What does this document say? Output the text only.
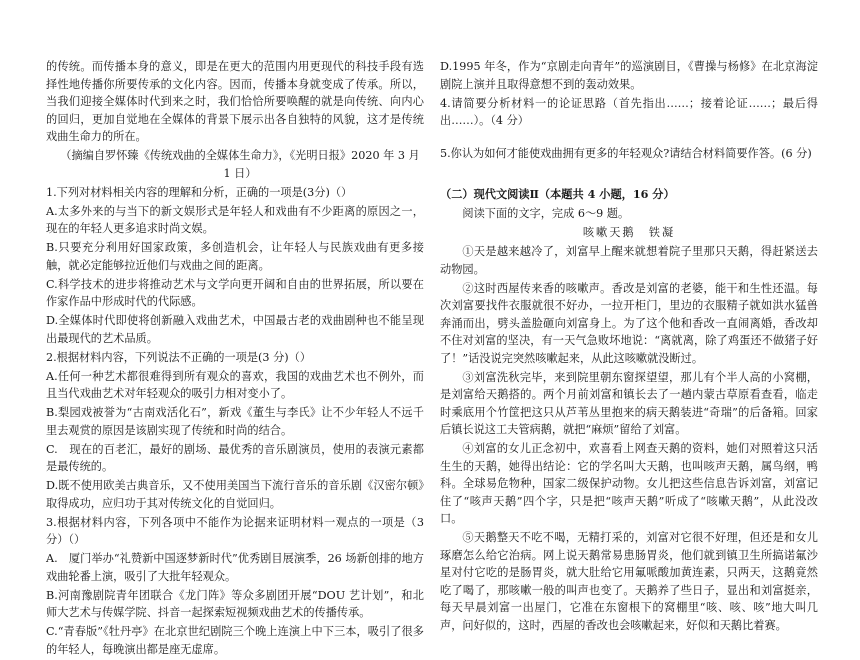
的传统。而传播本身的意义，即是在更大的范围内用更现代的科技手段有选择性地传播你所要传承的文化内容。因而，传播本身就变成了传承。所以，当我们迎接全媒体时代到来之时，我们恰恰所要唤醒的就是向传统、向内心的回归，更加自觉地在全媒体的背景下展示出各自独特的风貌，这才是传统戏曲生命力的所在。

（摘编自罗怀臻《传统戏曲的全媒体生命力》，《光明日报》2020 年 3 月 1 日）

1.下列对材料相关内容的理解和分析，正确的一项是(3分)（）

A.太多外来的与当下的新文娱形式是年轻人和戏曲有不少距离的原因之一，现在的年轻人更多追求时尚文娱。

B.只要充分利用好国家政策，多创造机会，让年轻人与民族戏曲有更多接触，就必定能够拉近他们与戏曲之间的距离。

C.科学技术的进步将推动艺术与文学向更开阔和自由的世界拓展，所以要在作家作品中形成时代的代际感。

D.全媒体时代即使将创新融入戏曲艺术，中国最古老的戏曲剧种也不能呈现出最现代的艺术品质。

2.根据材料内容，下列说法不正确的一项是(3 分)（）

A.任何一种艺术都很难得到所有观众的喜欢，我国的戏曲艺术也不例外，而且当代戏曲艺术对年轻观众的吸引力相对变小了。

B.梨园戏被誉为“古南戏活化石”，新戏《董生与李氏》让不少年轻人不远千里去观赏的原因是该剧实现了传统和时尚的结合。

C.　现在的百老汇，最好的剧场、最优秀的音乐剧演员，使用的表演元素都是最传统的。

D.既不使用欧美古典音乐，又不使用美国当下流行音乐的音乐剧《汉密尔顿》取得成功，应归功于其对传统文化的自觉回归。

3.根据材料内容，下列各项中不能作为论据来证明材料一观点的一项是（3 分）（）

A.　厦门举办“礼赞新中国逐梦新时代”优秀剧目展演季，26 场新创排的地方戏曲轮番上演，吸引了大批年轻观众。

B.河南豫剧院青年团联合《龙门阵》等众多剧团开展“DOU 艺计划”，和北师大艺术与传媒学院、抖音一起探索短视频戏曲艺术的传播传承。

C.“青春版”《牡丹亭》在北京世纪剧院三个晚上连演上中下三本，吸引了很多的年轻人，每晚演出都是座无虚席。

D.1995 年冬，作为“京剧走向青年”的巡演剧目，《曹操与杨修》在北京海淀剧院上演并且取得意想不到的轰动效果。

4.请简要分析材料一的论证思路（首先指出……；接着论证……；最后得出……）。（4 分）

5.你认为如何才能使戏曲拥有更多的年轻观众?请结合材料简要作答。(6 分)

（二）现代文阅读Ⅱ（本题共 4 小题，16 分）

阅读下面的文字，完成 6～9 题。

咳嗽天鹅　铁凝

①天是越来越冷了，刘富早上醒来就想着院子里那只天鹅，得赶紧送去动物园。

②这时西屋传来香的咳嗽声。香改是刘富的老婆，能干和生性还温。每次刘富要找件衣服就很不好办，一拉开柜门，里边的衣服精子就如洪水猛兽奔涌而出，劈头盖脸砸向刘富身上。为了这个他和香改一直闹离婚，香改却不住对刘富的坚决，有一天气急败坏地说：“离就离，除了鸡蛋还不做猪子好了！”话没说完突然咳嗽起来，从此这咳嗽就没断过。

③刘富洗秋完毕，来到院里朝东窗探望望，那儿有个半人高的小窝棚，是刘富给天鹅搭的。两个月前刘富和镇长去了一趟内蒙古草原看查看，临走时乘底用个竹筐把这只从芦苇丛里抱来的病天鹅装进“奇瑞”的后备箱。回家后镇长说这工夫管病鹅，就把“麻烦”留给了刘富。

④刘富的女儿正念初中，欢喜看上网查天鹅的资料，她们对照着这只活生生的天鹅，她得出结论：它的学名叫大天鹅，也叫咳声天鹅，属鸟纲，鸭科。全球易危物种，国家二级保护动物。女儿把这些信息告诉刘富，刘富记住了“咳声天鹅”四个字，只是把“咳声天鹅”听成了“咳嗽天鹅”，从此没改口。

⑤天鹅整天不吃不喝，无精打采的，刘富对它很不好理，但还是和女儿琢磨怎么给它治病。网上说天鹅常易患肠胃炎，他们就到镇卫生所搞诺氟沙星对付它吃的是肠胃炎，就大肚给它用氟哌酸加黄连素，只两天，这鹅竟然吃了喝了，那咳嗽一般的叫声也变了。天鹅养了些日子，显出和刘富挺亲，每天早晨刘富一出屋门，它准在东窗根下的窝棚里“咳、咳、咳”地大叫几声，问好似的，这时，西屋的香改也会咳嗽起来，好似和天鹅比着赛。
